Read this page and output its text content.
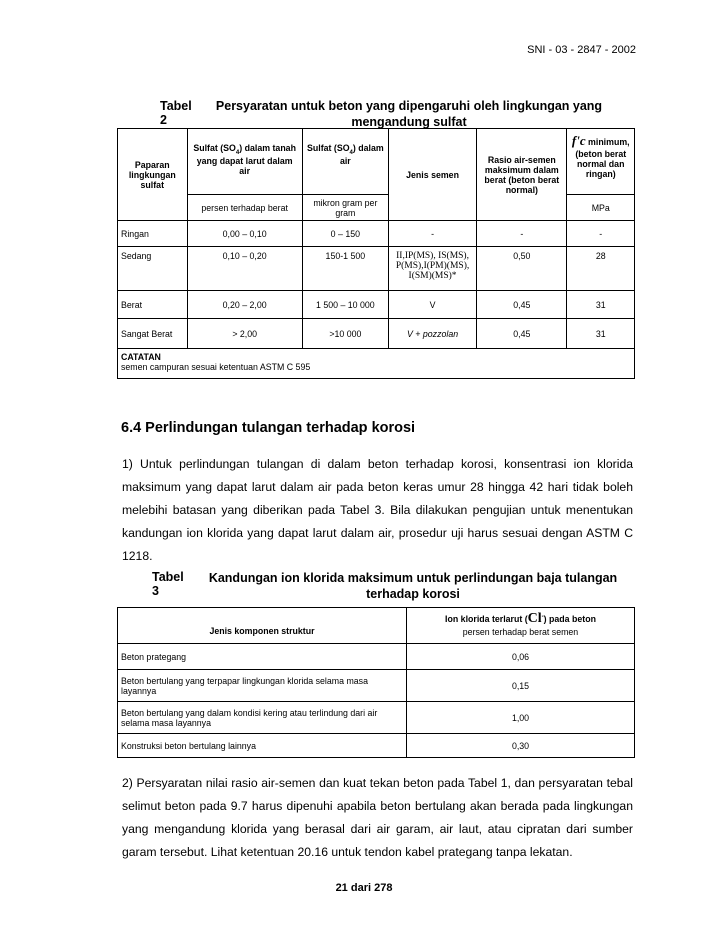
SNI - 03 - 2847 - 2002
Tabel 2
Persyaratan untuk beton yang dipengaruhi oleh lingkungan yang mengandung sulfat
Paparan lingkungan sulfat	Sulfat $(SO_4)$ dalam tanah yang dapat larut dalam air	Sulfat $(SO_4)$ dalam air	Jenis semen	Rasio air-semen maksimum dalam berat (beton berat normal)	f'c minimum, (beton berat normal dan ringan)
	persen terhadap berat	mikron gram per gram			MPa
Ringan	0,00 – 0,10	0 – 150	-	-	-
Sedang	0,10 – 0,20	150-1 500	II,IP(MS), IS(MS), P(MS),I(PM)(MS), I(SM)(MS)*	0,50	28
Berat	0,20 – 2,00	1 500 – 10 000	V	0,45	31
Sangat Berat	> 2,00	>10 000	V + pozzolan	0,45	31

CATATAN
semen campuran sesuai ketentuan ASTM C 595					
6.4 Perlindungan tulangan terhadap korosi
1) Untuk perlindungan tulangan di dalam beton terhadap korosi, konsentrasi ion klorida maksimum yang dapat larut dalam air pada beton keras umur 28 hingga 42 hari tidak boleh melebihi batasan yang diberikan pada Tabel 3. Bila dilakukan pengujian untuk menentukan kandungan ion klorida yang dapat larut dalam air, prosedur uji harus sesuai dengan ASTM C 1218.
Tabel 3
Kandungan ion klorida maksimum untuk perlindungan baja tulangan terhadap korosi
Jenis komponen struktur	Ion klorida terlarut (Cl-) pada beton
persen terhadap berat semen

Beton prategang	0,06
Beton bertulang yang terpapar lingkungan klorida selama masa layannya	0,15
Beton bertulang yang dalam kondisi kering atau terlindung dari air selama masa layannya	1,00
Konstruksi beton bertulang lainnya	0,30
2) Persyaratan nilai rasio air-semen dan kuat tekan beton pada Tabel 1, dan persyaratan tebal selimut beton pada 9.7 harus dipenuhi apabila beton bertulang akan berada pada lingkungan yang mengandung klorida yang berasal dari air garam, air laut, atau cipratan dari sumber garam tersebut. Lihat ketentuan 20.16 untuk tendon kabel prategang tanpa lekatan.
21 dari 278
